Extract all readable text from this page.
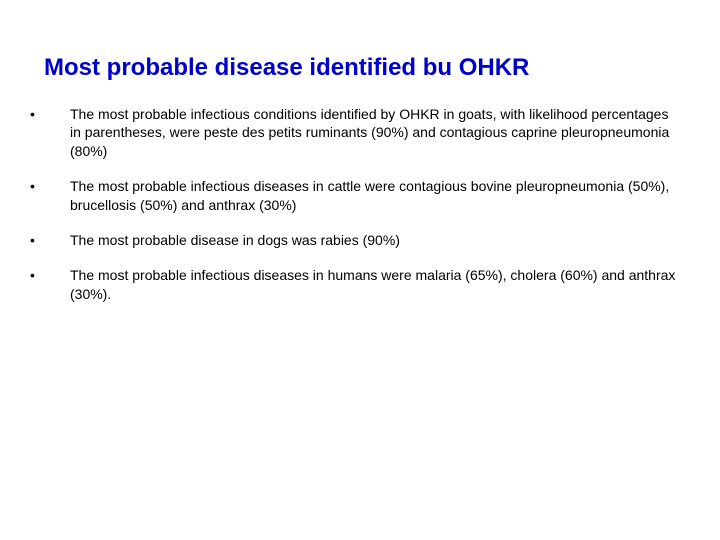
Most probable disease identified bu OHKR
•	The most probable infectious conditions identified by OHKR in goats, with likelihood percentages in parentheses, were peste des petits ruminants (90%) and contagious caprine pleuropneumonia (80%)
•	The most probable infectious diseases in cattle were contagious bovine pleuropneumonia (50%), brucellosis (50%) and anthrax (30%)
•	The most probable disease in dogs was rabies (90%)
•	The most probable infectious diseases in humans were malaria (65%), cholera (60%) and anthrax (30%).
